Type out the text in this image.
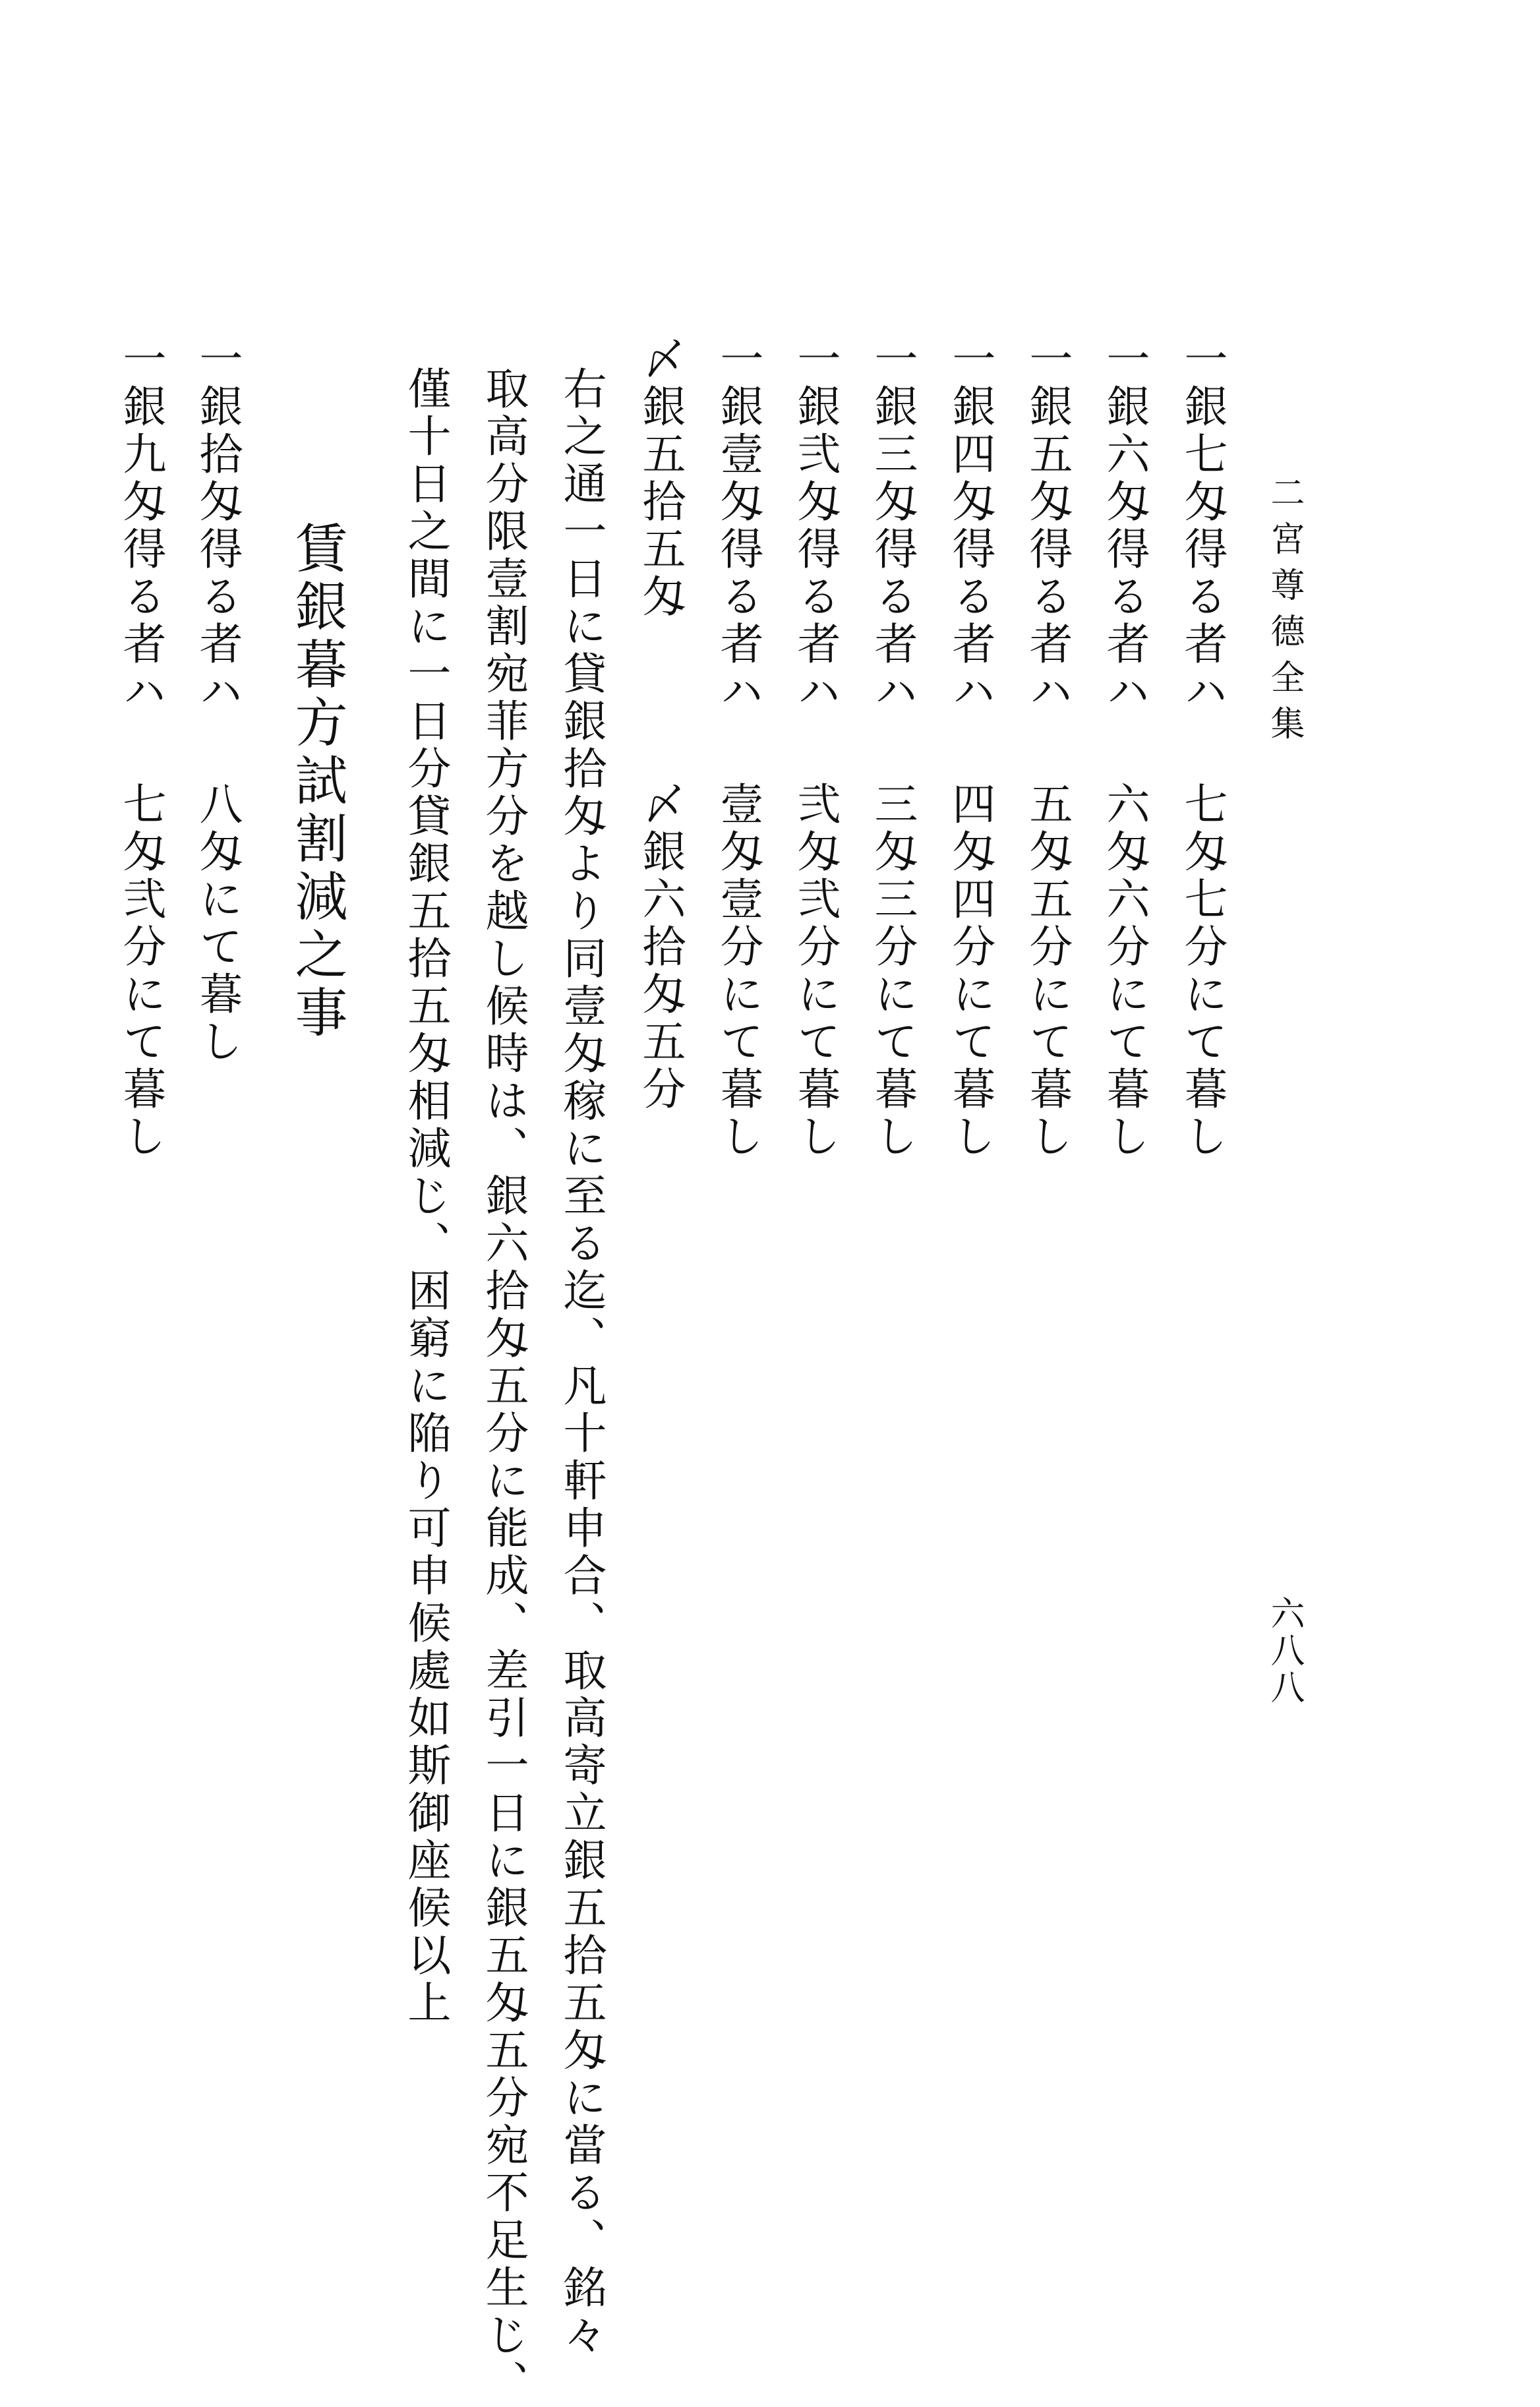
二宮尊德全集
六八八
一銀七匁得る者ハ
七匁七分にて暮し
一銀六匁得る者ハ
六匁六分にて暮し
一銀五匁得る者ハ
五匁五分にて暮し
一銀四匁得る者ハ
四匁四分にて暮し
一銀三匁得る者ハ
三匁三分にて暮し
一銀弐匁得る者ハ
弐匁弐分にて暮し
一銀壹匁得る者ハ
壹匁壹分にて暮し
〆銀五拾五匁
〆銀六拾匁五分
右之通一日に貸銀拾匁より同壹匁稼に至る迄、凡十軒申合、取高寄立銀五拾五匁に當る、銘々
取高分限壹割宛菲方分を越し候時は、銀六拾匁五分に能成、差引一日に銀五匁五分宛不足生じ、
僅十日之間に一日分貸銀五拾五匁相減じ、困窮に陥り可申候處如斯御座候以上
賃銀暮方試割減之事
一銀拾匁得る者ハ
八匁にて暮し
一銀九匁得る者ハ
七匁弐分にて暮し
